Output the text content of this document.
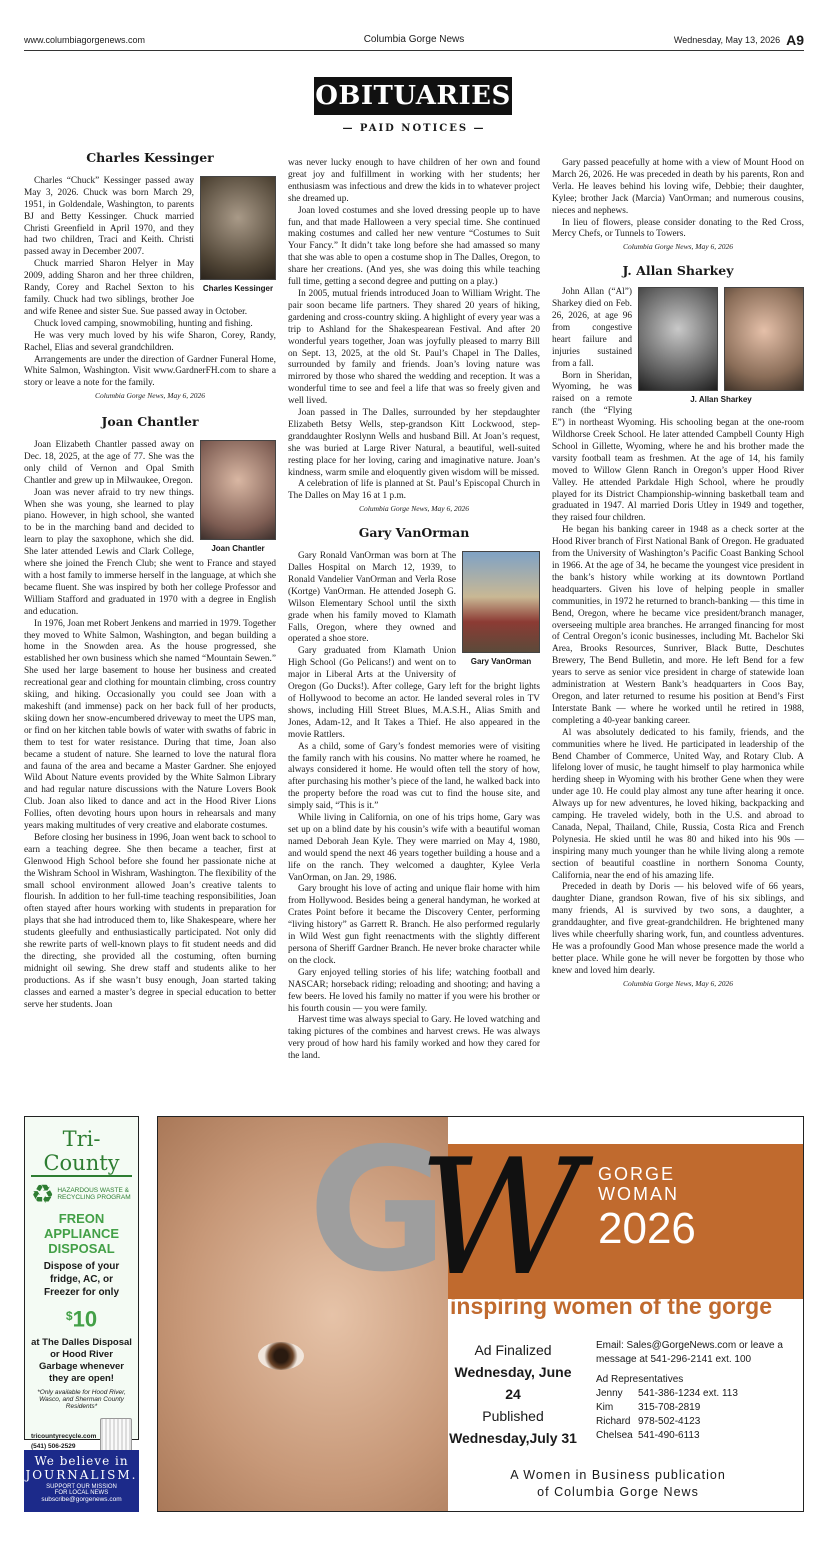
www.columbiagorgenews.com	Columbia Gorge News	Wednesday, May 13, 2026 A9
OBITUARIES
— PAID NOTICES —
Charles Kessinger
Charles Kessinger

Charles “Chuck” Kessinger passed away May 3, 2026. Chuck was born March 29, 1951, in Goldendale, Washington, to parents BJ and Betty Kessinger. Chuck married Christi Greenfield in April 1970, and they had two children, Traci and Keith. Christi passed away in December 2007.

Chuck married Sharon Helyer in May 2009, adding Sharon and her three children, Randy, Corey and Rachel Sexton to his family. Chuck had two siblings, brother Joe and wife Renee and sister Sue. Sue passed away in October.

Chuck loved camping, snowmobiling, hunting and fishing.

He was very much loved by his wife Sharon, Corey, Randy, Rachel, Elias and several grandchildren.

Arrangements are under the direction of Gardner Funeral Home, White Salmon, Washington. Visit www.GardnerFH.com to share a story or leave a note for the family.

Columbia Gorge News, May 6, 2026
Joan Chantler
Joan Chantler

Joan Elizabeth Chantler passed away on Dec. 18, 2025, at the age of 77. She was the only child of Vernon and Opal Smith Chantler and grew up in Milwaukee, Oregon.

Joan was never afraid to try new things. When she was young, she learned to play piano. However, in high school, she wanted to be in the marching band and decided to learn to play the saxophone, which she did. She later attended Lewis and Clark College, where she joined the French Club; she went to France and stayed with a host family to immerse herself in the language, at which she became fluent. She was inspired by both her college Professor and William Stafford and graduated in 1970 with a degree in English and education.

In 1976, Joan met Robert Jenkens and married in 1979. Together they moved to White Salmon, Washington, and began building a home in the Snowden area. As the house progressed, she established her own business which she named “Mountain Sewen.” She used her large basement to house her business and created recreational gear and clothing for mountain climbing, cross country skiing, and hiking. Occasionally you could see Joan with a makeshift (and immense) pack on her back full of her products, skiing down her snow-encumbered driveway to meet the UPS man, or find on her kitchen table bowls of water with swaths of fabric in them to test for water resistance. During that time, Joan also became a student of nature. She learned to love the natural flora and fauna of the area and became a Master Gardner. She enjoyed Wild About Nature events provided by the White Salmon Library and had regular nature discussions with the Nature Lovers Book Club. Joan also liked to dance and act in the Hood River Lions Follies, often devoting hours upon hours in rehearsals and many years making multitudes of very creative and elaborate costumes.

Before closing her business in 1996, Joan went back to school to earn a teaching degree. She then became a teacher, first at Glenwood High School before she found her passionate niche at the Wishram School in Wishram, Washington. The flexibility of the small school environment allowed Joan’s creative talents to flourish. In addition to her full-time teaching responsibilities, Joan often stayed after hours working with students in preparation for plays that she had introduced them to, like Shakespeare, where her students gleefully and enthusiastically participated. Not only did she rewrite parts of well-known plays to fit student needs and did the directing, she provided all the costuming, often burning midnight oil sewing. She drew staff and students alike to her productions. As if she wasn’t busy enough, Joan started taking classes and earned a master’s degree in special education to better serve her students. Joan

was never lucky enough to have children of her own and found great joy and fulfillment in working with her students; her enthusiasm was infectious and drew the kids in to whatever project she dreamed up.

Joan loved costumes and she loved dressing people up to have fun, and that made Halloween a very special time. She continued making costumes and called her new venture “Costumes to Suit Your Fancy.” It didn’t take long before she had amassed so many that she was able to open a costume shop in The Dalles, Oregon, to share her creations. (And yes, she was doing this while teaching full time, getting a second degree and putting on a play.)

In 2005, mutual friends introduced Joan to William Wright. The pair soon became life partners. They shared 20 years of hiking, gardening and cross-country skiing. A highlight of every year was a trip to Ashland for the Shakespearean Festival. And after 20 wonderful years together, Joan was joyfully pleased to marry Bill on Sept. 13, 2025, at the old St. Paul’s Chapel in The Dalles, surrounded by family and friends. Joan’s loving nature was mirrored by those who shared the wedding and reception. It was a wonderful time to see and feel a life that was so freely given and well lived.

Joan passed in The Dalles, surrounded by her stepdaughter Elizabeth Betsy Wells, step-grandson Kitt Lockwood, step-granddaughter Roslynn Wells and husband Bill. At Joan’s request, she was buried at Large River Natural, a beautiful, well-suited resting place for her loving, caring and imaginative nature. Joan’s kindness, warm smile and eloquently given wisdom will be missed.

A celebration of life is planned at St. Paul’s Episcopal Church in The Dalles on May 16 at 1 p.m.

Columbia Gorge News, May 6, 2026
Gary VanOrman
Gary VanOrman

Gary Ronald VanOrman was born at The Dalles Hospital on March 12, 1939, to Ronald Vandelier VanOrman and Verla Rose (Kortge) VanOrman. He attended Joseph G. Wilson Elementary School until the sixth grade when his family moved to Klamath Falls, Oregon, where they owned and operated a shoe store.

Gary graduated from Klamath Union High School (Go Pelicans!) and went on to major in Liberal Arts at the University of Oregon (Go Ducks!). After college, Gary left for the bright lights of Hollywood to become an actor. He landed several roles in TV shows, including Hill Street Blues, M.A.S.H., Alias Smith and Jones, Adam-12, and It Takes a Thief. He also appeared in the movie Rattlers.

As a child, some of Gary’s fondest memories were of visiting the family ranch with his cousins. No matter where he roamed, he always considered it home. He would often tell the story of how, after purchasing his mother’s piece of the land, he walked back into the property before the road was cut to find the house site, and simply said, “This is it.”

While living in California, on one of his trips home, Gary was set up on a blind date by his cousin’s wife with a beautiful woman named Deborah Jean Kyle. They were married on May 4, 1980, and would spend the next 46 years together building a house and a life on the ranch. They welcomed a daughter, Kylee Verla VanOrman, on Jan. 29, 1986.

Gary brought his love of acting and unique flair home with him from Hollywood. Besides being a general handyman, he worked at Crates Point before it became the Discovery Center, performing “living history” as Garrett R. Branch. He also performed regularly in Wild West gun fight reenactments with the slightly different persona of Sheriff Gardner Branch. He never broke character while on the clock.

Gary enjoyed telling stories of his life; watching football and NASCAR; horseback riding; reloading and shooting; and having a few beers. He loved his family no matter if you were his brother or his fourth cousin — you were family.

Harvest time was always special to Gary. He loved watching and taking pictures of the combines and harvest crews. He was always very proud of how hard his family worked and how they cared for the land.

Gary passed peacefully at home with a view of Mount Hood on March 26, 2026. He was preceded in death by his parents, Ron and Verla. He leaves behind his loving wife, Debbie; their daughter, Kylee; brother Jack (Marcia) VanOrman; and numerous cousins, nieces and nephews.

In lieu of flowers, please consider donating to the Red Cross, Mercy Chefs, or Tunnels to Towers.

Columbia Gorge News, May 6, 2026
J. Allan Sharkey
J. Allan Sharkey

John Allan (“Al”) Sharkey died on Feb. 26, 2026, at age 96 from congestive heart failure and injuries sustained from a fall.

Born in Sheridan, Wyoming, he was raised on a remote ranch (the “Flying E”) in northeast Wyoming. His schooling began at the one-room Wildhorse Creek School. He later attended Campbell County High School in Gillette, Wyoming, where he and his brother made the varsity football team as freshmen. At the age of 14, his family moved to Willow Glenn Ranch in Oregon’s upper Hood River Valley. He attended Parkdale High School, where he proudly played for its District Championship-winning basketball team and graduated in 1947. Al married Doris Utley in 1949 and together, they raised four children.

He began his banking career in 1948 as a check sorter at the Hood River branch of First National Bank of Oregon. He graduated from the University of Washington’s Pacific Coast Banking School in 1966. At the age of 34, he became the youngest vice president in the bank’s history while working at its downtown Portland headquarters. Given his love of helping people in smaller communities, in 1972 he returned to branch-banking — this time in Bend, Oregon, where he became vice president/branch manager, overseeing multiple area branches. He arranged financing for most of Central Oregon’s iconic businesses, including Mt. Bachelor Ski Area, Brooks Resources, Sunriver, Black Butte, Deschutes Brewery, The Bend Bulletin, and more. He left Bend for a few years to serve as senior vice president in charge of statewide loan administration at Western Bank’s headquarters in Coos Bay, Oregon, and later returned to resume his position at Bend’s First Interstate Bank — where he worked until he retired in 1988, completing a 40-year banking career.

Al was absolutely dedicated to his family, friends, and the communities where he lived. He participated in leadership of the Bend Chamber of Commerce, United Way, and Rotary Club. A lifelong lover of music, he taught himself to play harmonica while herding sheep in Wyoming with his brother Gene when they were under age 10. He could play almost any tune after hearing it once. Always up for new adventures, he loved hiking, backpacking and camping. He traveled widely, both in the U.S. and abroad to Canada, Nepal, Thailand, Chile, Russia, Costa Rica and French Polynesia. He skied until he was 80 and hiked into his 90s — inspiring many much younger than he while living along a remote section of beautiful coastline in northern Sonoma County, California, near the end of his amazing life.

Preceded in death by Doris — his beloved wife of 66 years, daughter Diane, grandson Rowan, five of his six siblings, and many friends, Al is survived by two sons, a daughter, a granddaughter, and five great-grandchildren. He brightened many lives while cheerfully sharing work, fun, and countless adventures. He was a profoundly Good Man whose presence made the world a better place. While gone he will never be forgotten by those who knew and loved him dearly.

Columbia Gorge News, May 6, 2026
Tri-County
♻ HAZARDOUS WASTE & RECYCLING PROGRAM
FREON APPLIANCE DISPOSAL
Dispose of your fridge, AC, or Freezer for only
$10
at The Dalles Disposal or Hood River Garbage whenever they are open!
*Only available for Hood River, Wasco, and Sherman County Residents*
tricountyrecycle.com
(541) 506-2529
We believe in
JOURNALISM.
SUPPORT OUR MISSION
FOR LOCAL NEWS
subscribe@gorgenews.com
G
W GORGE
WOMAN
2026
inspiring women of the gorge
Ad Finalized
Wednesday, June 24
Published
Wednesday,July 31
Email: Sales@GorgeNews.com or leave a message at 541-296-2141 ext. 100
Ad Representatives
Jenny	541-386-1234 ext. 113
Kim	315-708-2819
Richard 978-502-4123
Chelsea 541-490-6113
A Women in Business publication
of Columbia Gorge News
